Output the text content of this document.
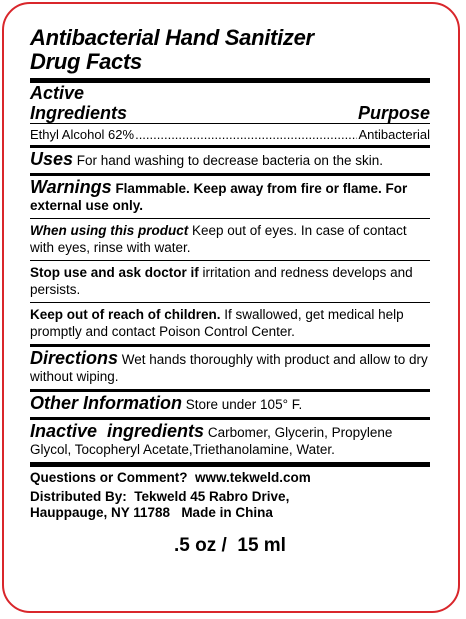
Antibacterial Hand Sanitizer
Drug Facts
Active
Ingredients	Purpose
Ethyl Alcohol 62%
.....	Antibacterial
Uses For hand washing to decrease bacteria on the skin.
Warnings Flammable. Keep away from fire or flame. For external use only.
When using this product Keep out of eyes. In case of contact with eyes, rinse with water.
Stop use and ask doctor if irritation and redness develops and persists.
Keep out of reach of children. If swallowed, get medical help promptly and contact Poison Control Center.
Directions Wet hands thoroughly with product and allow to dry without wiping.
Other Information Store under 105° F.
Inactive  ingredients Carbomer, Glycerin, Propylene Glycol, Tocopheryl Acetate,Triethanolamine, Water.
Questions or Comment?  www.tekweld.com
Distributed By:  Tekweld 45 Rabro Drive,
Hauppauge, NY 11788   Made in China
.5 oz /  15 ml
